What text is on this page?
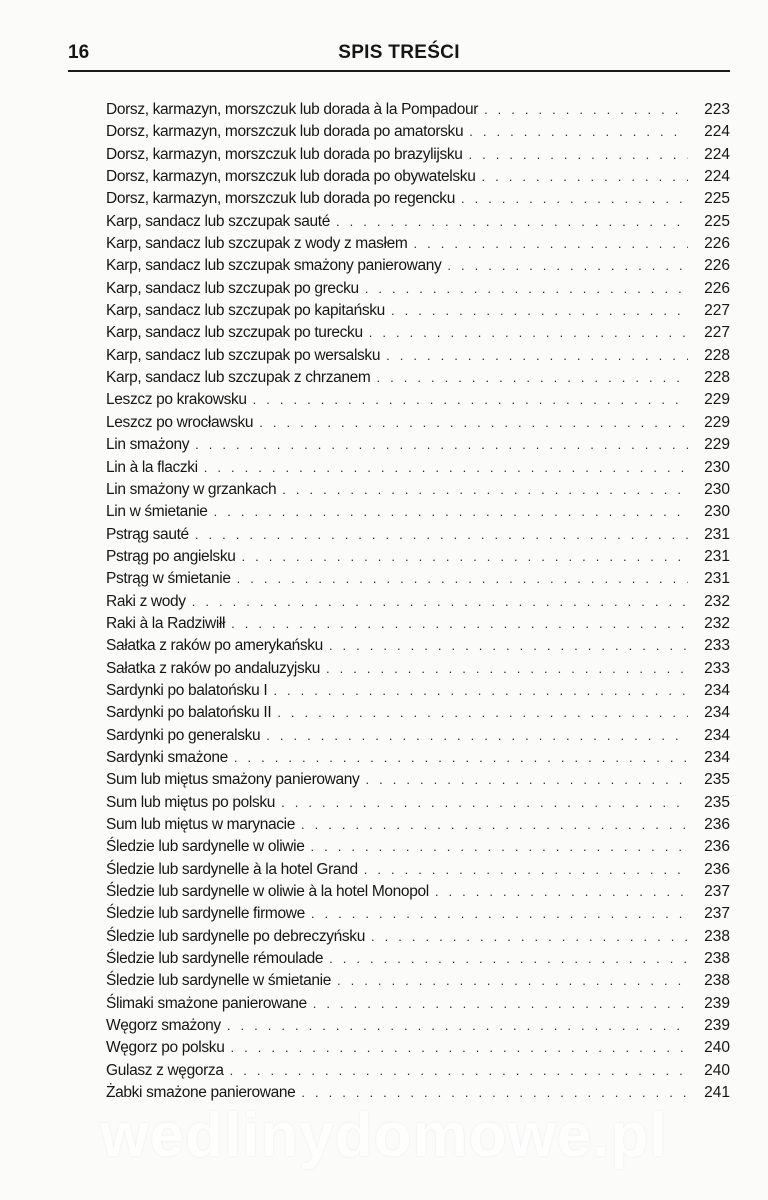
16	SPIS TREŚCI
Dorsz, karmazyn, morszczuk lub dorada à la Pompadour . . .	223
Dorsz, karmazyn, morszczuk lub dorada po amatorsku . . .	224
Dorsz, karmazyn, morszczuk lub dorada po brazylijsku . . .	224
Dorsz, karmazyn, morszczuk lub dorada po obywatelsku . . .	224
Dorsz, karmazyn, morszczuk lub dorada po regencku . . .	225
Karp, sandacz lub szczupak sauté . . .	225
Karp, sandacz lub szczupak z wody z masłem . . .	226
Karp, sandacz lub szczupak smażony panierowany . . .	226
Karp, sandacz lub szczupak po grecku . . .	226
Karp, sandacz lub szczupak po kapitańsku . . .	227
Karp, sandacz lub szczupak po turecku . . .	227
Karp, sandacz lub szczupak po wersalsku . . .	228
Karp, sandacz lub szczupak z chrzanem . . .	228
Leszcz po krakowsku . . .	229
Leszcz po wrocławsku . . .	229
Lin smażony . . .	229
Lin à la flaczki . . .	230
Lin smażony w grzankach . . .	230
Lin w śmietanie . . .	230
Pstrąg sauté . . .	231
Pstrąg po angielsku . . .	231
Pstrąg w śmietanie . . .	231
Raki z wody . . .	232
Raki à la Radziwiłł . . .	232
Sałatka z raków po amerykańsku . . .	233
Sałatka z raków po andaluzyjsku . . .	233
Sardynki po balatońsku I . . .	234
Sardynki po balatońsku II . . .	234
Sardynki po generalsku . . .	234
Sardynki smażone . . .	234
Sum lub miętus smażony panierowany . . .	235
Sum lub miętus po polsku . . .	235
Sum lub miętus w marynacie . . .	236
Śledzie lub sardynelle w oliwie . . .	236
Śledzie lub sardynelle à la hotel Grand . . .	236
Śledzie lub sardynelle w oliwie à la hotel Monopol . . .	237
Śledzie lub sardynelle firmowe . . .	237
Śledzie lub sardynelle po debreczyńsku . . .	238
Śledzie lub sardynelle rémoulade . . .	238
Śledzie lub sardynelle w śmietanie . . .	238
Ślimaki smażone panierowane . . .	239
Węgorz smażony . . .	239
Węgorz po polsku . . .	240
Gulasz z węgorza . . .	240
Żabki smażone panierowane . . .	241
wedlinydomowe.pl
